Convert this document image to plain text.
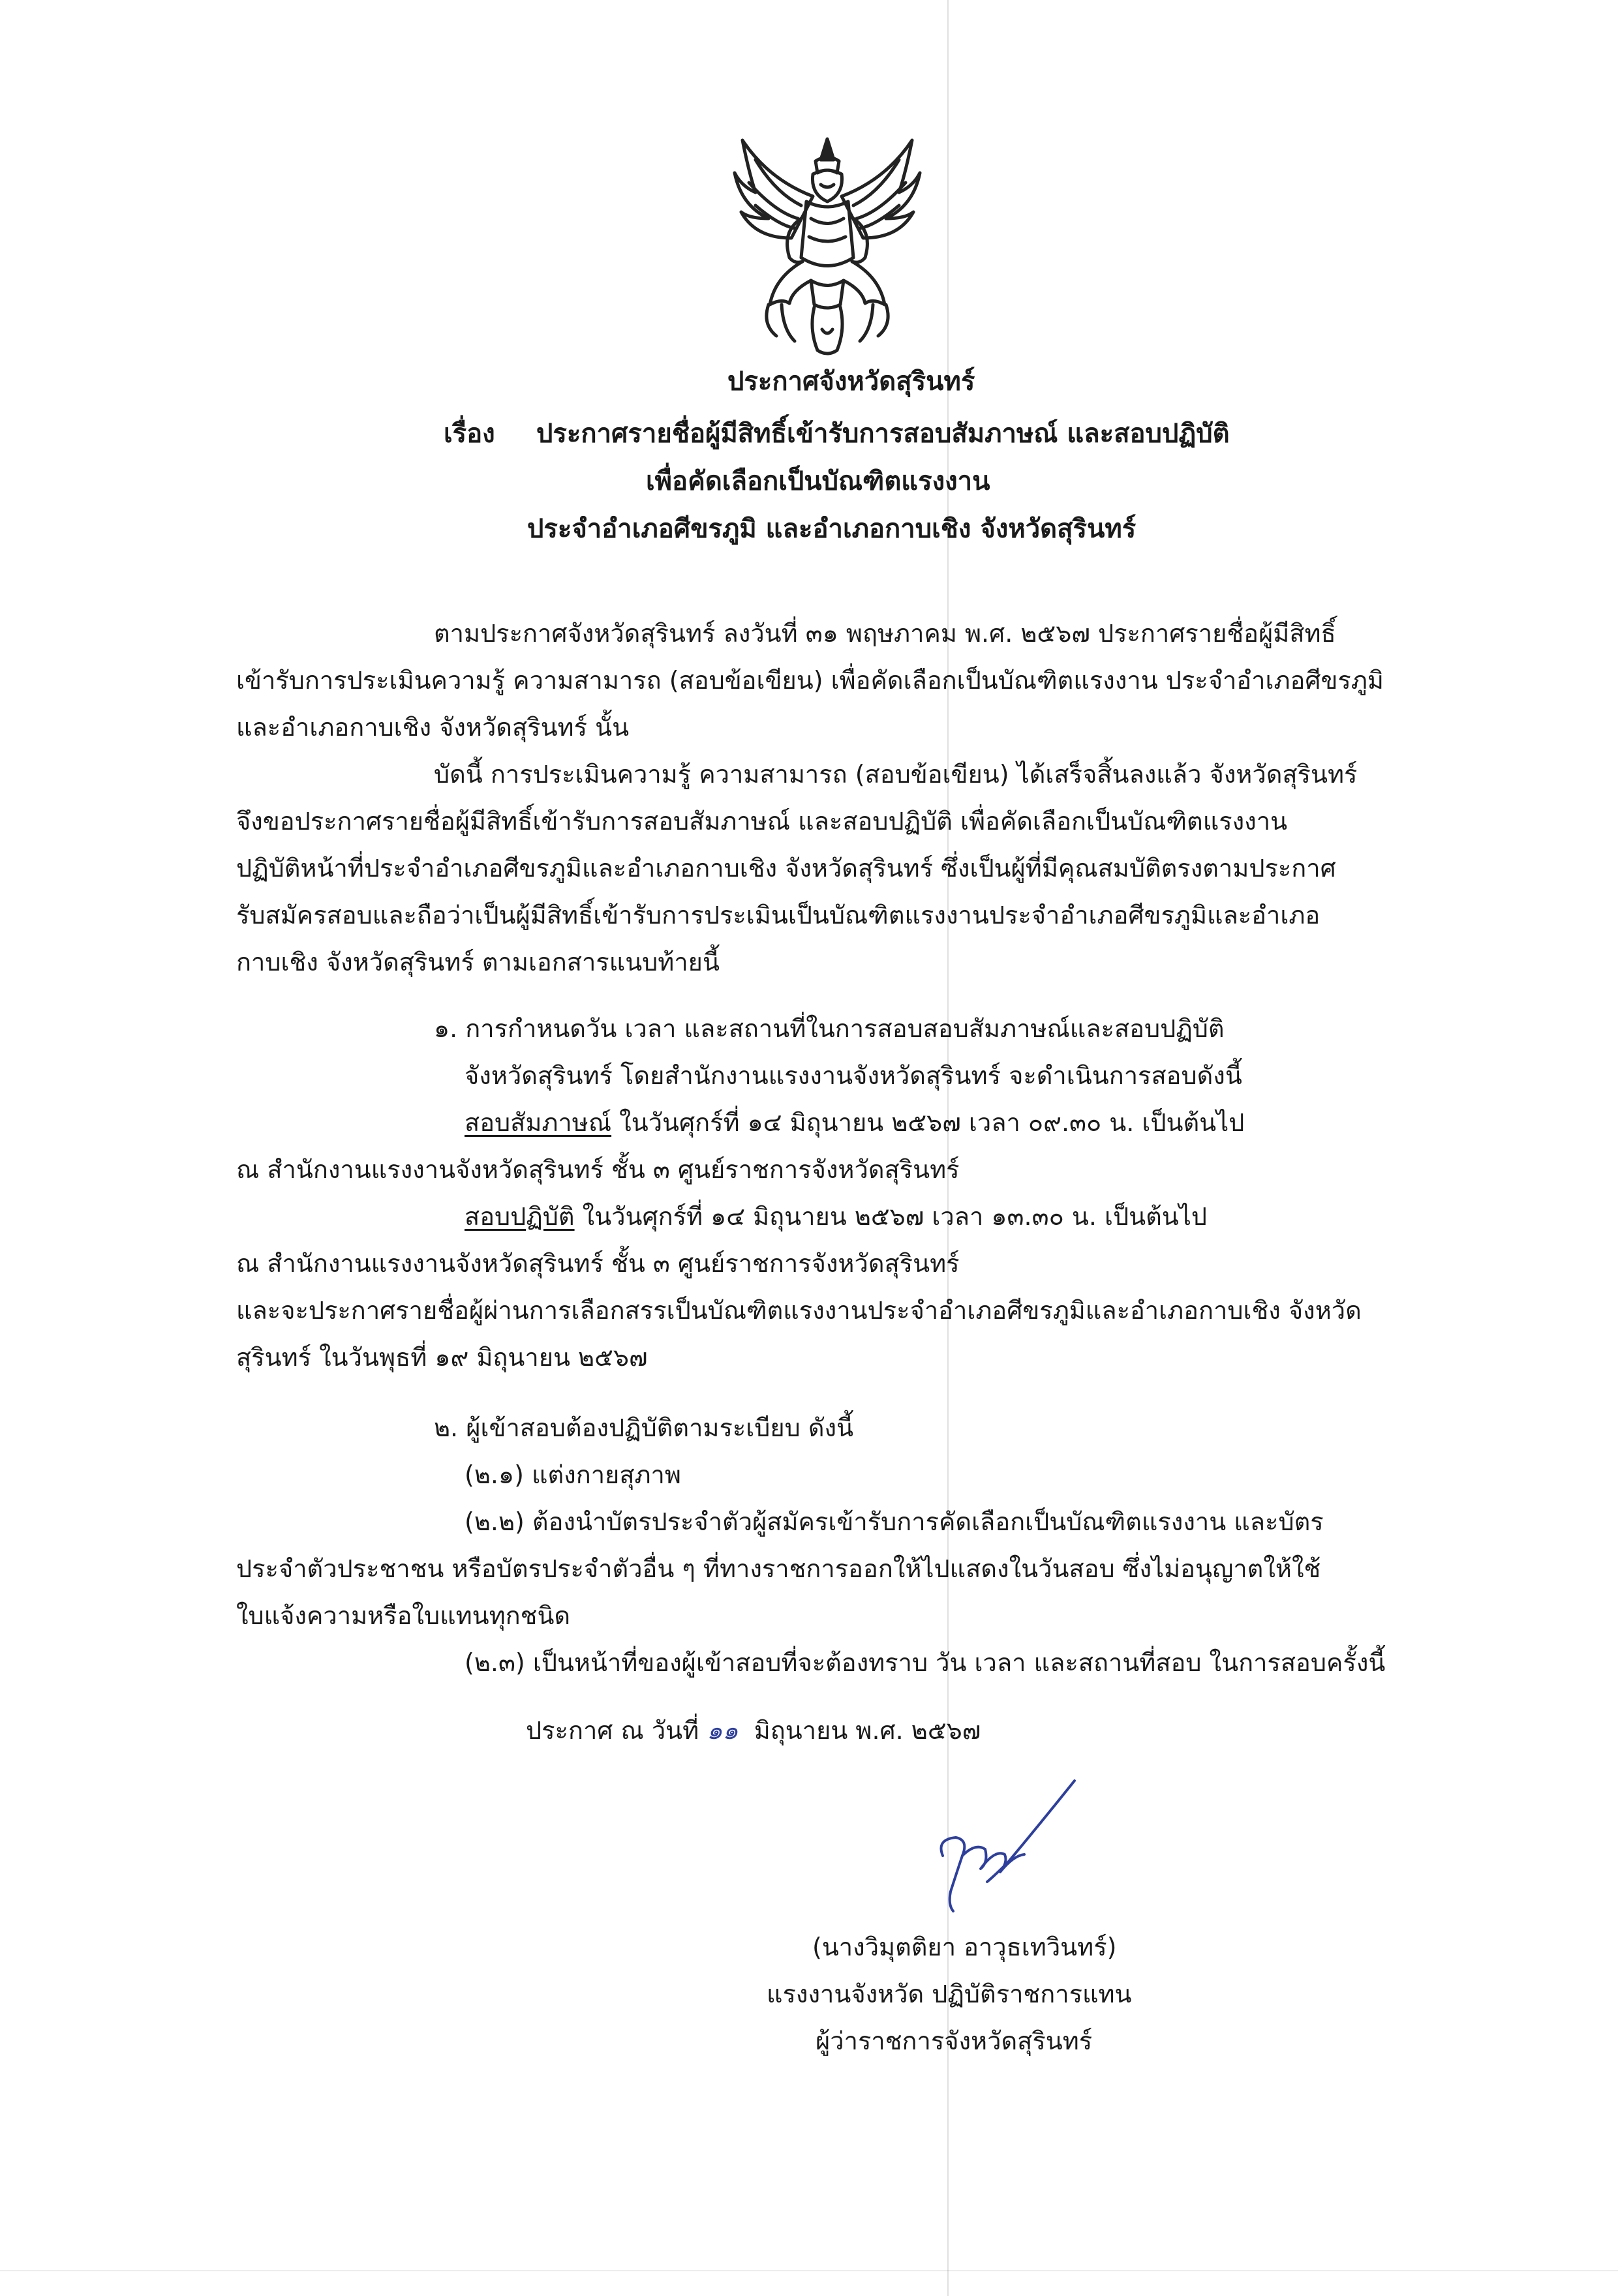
ประกาศจังหวัดสุรินทร์
เรื่อง ประกาศรายชื่อผู้มีสิทธิ์เข้ารับการสอบสัมภาษณ์ และสอบปฏิบัติ
เพื่อคัดเลือกเป็นบัณฑิตแรงงาน
ประจำอำเภอศีขรภูมิ และอำเภอกาบเชิง จังหวัดสุรินทร์
ตามประกาศจังหวัดสุรินทร์ ลงวันที่ ๓๑ พฤษภาคม พ.ศ. ๒๕๖๗ ประกาศรายชื่อผู้มีสิทธิ์
เข้ารับการประเมินความรู้ ความสามารถ (สอบข้อเขียน) เพื่อคัดเลือกเป็นบัณฑิตแรงงาน ประจำอำเภอศีขรภูมิ
และอำเภอกาบเชิง จังหวัดสุรินทร์ นั้น
บัดนี้ การประเมินความรู้ ความสามารถ (สอบข้อเขียน) ได้เสร็จสิ้นลงแล้ว จังหวัดสุรินทร์
จึงขอประกาศรายชื่อผู้มีสิทธิ์เข้ารับการสอบสัมภาษณ์ และสอบปฏิบัติ เพื่อคัดเลือกเป็นบัณฑิตแรงงาน
ปฏิบัติหน้าที่ประจำอำเภอศีขรภูมิและอำเภอกาบเชิง จังหวัดสุรินทร์ ซึ่งเป็นผู้ที่มีคุณสมบัติตรงตามประกาศ
รับสมัครสอบและถือว่าเป็นผู้มีสิทธิ์เข้ารับการประเมินเป็นบัณฑิตแรงงานประจำอำเภอศีขรภูมิและอำเภอ
กาบเชิง จังหวัดสุรินทร์ ตามเอกสารแนบท้ายนี้
๑. การกำหนดวัน เวลา และสถานที่ในการสอบสอบสัมภาษณ์และสอบปฏิบัติ
จังหวัดสุรินทร์ โดยสำนักงานแรงงานจังหวัดสุรินทร์ จะดำเนินการสอบดังนี้
สอบสัมภาษณ์ ในวันศุกร์ที่ ๑๔ มิถุนายน ๒๕๖๗ เวลา ๐๙.๓๐ น. เป็นต้นไป
ณ สำนักงานแรงงานจังหวัดสุรินทร์ ชั้น ๓ ศูนย์ราชการจังหวัดสุรินทร์
สอบปฏิบัติ ในวันศุกร์ที่ ๑๔ มิถุนายน ๒๕๖๗ เวลา ๑๓.๓๐ น. เป็นต้นไป
ณ สำนักงานแรงงานจังหวัดสุรินทร์ ชั้น ๓ ศูนย์ราชการจังหวัดสุรินทร์
และจะประกาศรายชื่อผู้ผ่านการเลือกสรรเป็นบัณฑิตแรงงานประจำอำเภอศีขรภูมิและอำเภอกาบเชิง จังหวัด
สุรินทร์ ในวันพุธที่ ๑๙ มิถุนายน ๒๕๖๗
๒. ผู้เข้าสอบต้องปฏิบัติตามระเบียบ ดังนี้
(๒.๑) แต่งกายสุภาพ
(๒.๒) ต้องนำบัตรประจำตัวผู้สมัครเข้ารับการคัดเลือกเป็นบัณฑิตแรงงาน และบัตร
ประจำตัวประชาชน หรือบัตรประจำตัวอื่น ๆ ที่ทางราชการออกให้ไปแสดงในวันสอบ ซึ่งไม่อนุญาตให้ใช้
ใบแจ้งความหรือใบแทนทุกชนิด
(๒.๓) เป็นหน้าที่ของผู้เข้าสอบที่จะต้องทราบ วัน เวลา และสถานที่สอบ ในการสอบครั้งนี้
ประกาศ ณ วันที่ ๑๑ มิถุนายน พ.ศ. ๒๕๖๗
(นางวิมุตติยา อาวุธเทวินทร์)
แรงงานจังหวัด ปฏิบัติราชการแทน
ผู้ว่าราชการจังหวัดสุรินทร์
